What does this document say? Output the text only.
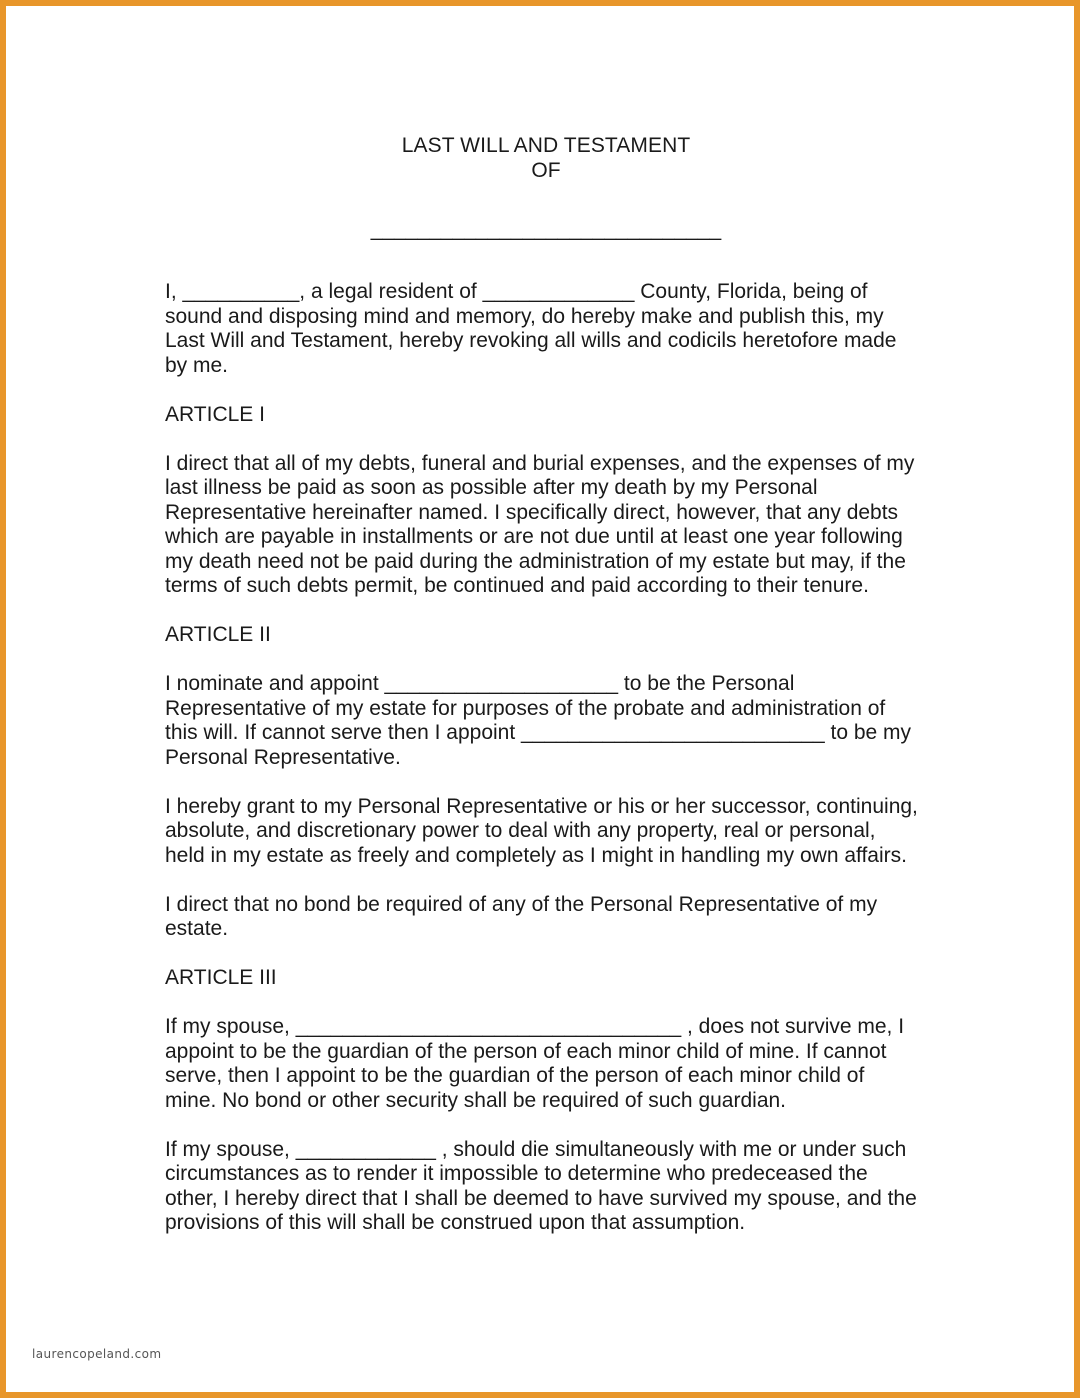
LAST WILL AND TESTAMENT
OF
______________________________

I, __________, a legal resident of _____________ County, Florida, being of
sound and disposing mind and memory, do hereby make and publish this, my
Last Will and Testament, hereby revoking all wills and codicils heretofore made
by me.

ARTICLE I

I direct that all of my debts, funeral and burial expenses, and the expenses of my
last illness be paid as soon as possible after my death by my Personal
Representative hereinafter named. I specifically direct, however, that any debts
which are payable in installments or are not due until at least one year following
my death need not be paid during the administration of my estate but may, if the
terms of such debts permit, be continued and paid according to their tenure.

ARTICLE II

I nominate and appoint ____________________ to be the Personal
Representative of my estate for purposes of the probate and administration of
this will. If cannot serve then I appoint __________________________ to be my
Personal Representative.

I hereby grant to my Personal Representative or his or her successor, continuing,
absolute, and discretionary power to deal with any property, real or personal,
held in my estate as freely and completely as I might in handling my own affairs.

I direct that no bond be required of any of the Personal Representative of my
estate.

ARTICLE III

If my spouse, _________________________________ , does not survive me, I
appoint to be the guardian of the person of each minor child of mine. If cannot
serve, then I appoint to be the guardian of the person of each minor child of
mine. No bond or other security shall be required of such guardian.

If my spouse, ____________ , should die simultaneously with me or under such
circumstances as to render it impossible to determine who predeceased the
other, I hereby direct that I shall be deemed to have survived my spouse, and the
provisions of this will shall be construed upon that assumption.

laurencopeland.com
